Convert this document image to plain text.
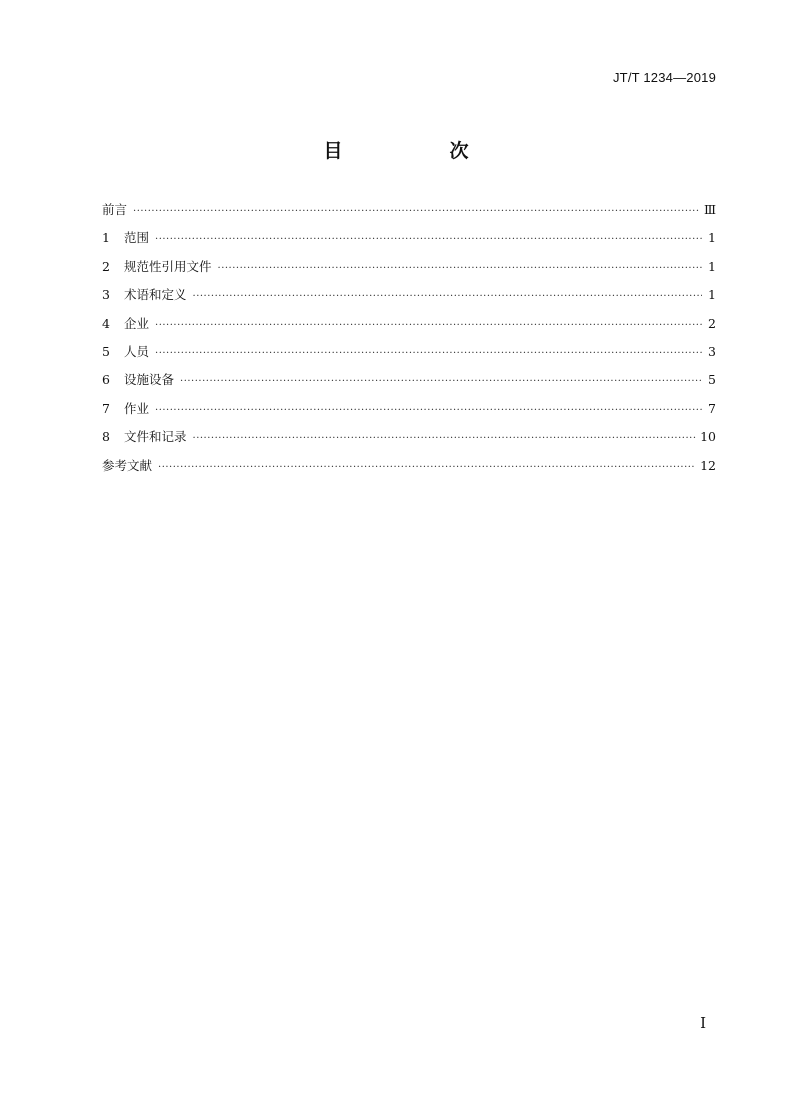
JT/T 1234—2019
目　次
前言 ·····	Ⅲ
1	范围 ·····	1
2	规范性引用文件 ·····	1
3	术语和定义 ·····	1
4	企业 ·····	2
5	人员 ·····	3
6	设施设备 ·····	5
7	作业 ·····	7
8	文件和记录 ·····	10
参考文献 ·····	12
I
